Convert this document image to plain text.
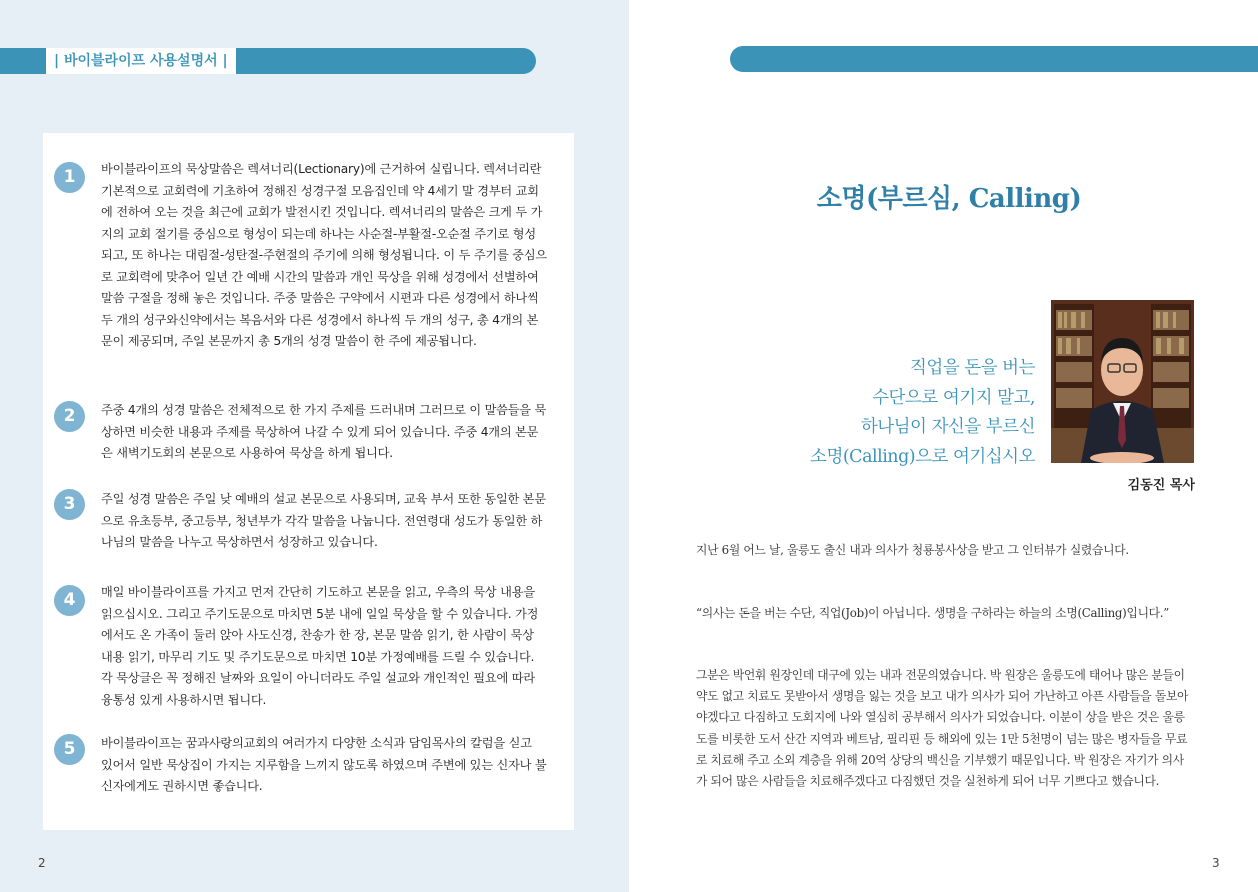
| 바이블라이프 사용설명서 |
1	바이블라이프의 묵상말씀은 렉셔너리(Lectionary)에 근거하여 실립니다. 렉셔너리란 기본적으로 교회력에 기초하여 정해진 성경구절 모음집인데 약 4세기 말 경부터 교회에 전하여 오는 것을 최근에 교회가 발전시킨 것입니다. 렉셔너리의 말씀은 크게 두 가지의 교회 절기를 중심으로 형성이 되는데 하나는 사순절-부활절-오순절 주기로 형성되고, 또 하나는 대림절-성탄절-주현절의 주기에 의해 형성됩니다. 이 두 주기를 중심으로 교회력에 맞추어 일년 간 예배 시간의 말씀과 개인 묵상을 위해 성경에서 선별하여 말씀 구절을 정해 놓은 것입니다. 주중 말씀은 구약에서 시편과 다른 성경에서 하나씩 두 개의 성구와신약에서는 복음서와 다른 성경에서 하나씩 두 개의 성구, 총 4개의 본문이 제공되며, 주일 본문까지 총 5개의 성경 말씀이 한 주에 제공됩니다.
2	주중 4개의 성경 말씀은 전체적으로 한 가지 주제를 드러내며 그러므로 이 말씀들을 묵상하면 비슷한 내용과 주제를 묵상하여 나갈 수 있게 되어 있습니다. 주중 4개의 본문은 새벽기도회의 본문으로 사용하여 묵상을 하게 됩니다.
3	주일 성경 말씀은 주일 낮 예배의 설교 본문으로 사용되며, 교육 부서 또한 동일한 본문으로 유초등부, 중고등부, 청년부가 각각 말씀을 나눕니다. 전연령대 성도가 동일한 하나님의 말씀을 나누고 묵상하면서 성장하고 있습니다.
4	매일 바이블라이프를 가지고 먼저 간단히 기도하고 본문을 읽고, 우측의 묵상 내용을 읽으십시오. 그리고 주기도문으로 마치면 5분 내에 일일 묵상을 할 수 있습니다. 가정에서도 온 가족이 둘러 앉아 사도신경, 찬송가 한 장, 본문 말씀 읽기, 한 사람이 묵상 내용 읽기, 마무리 기도 및 주기도문으로 마치면 10분 가정예배를 드릴 수 있습니다. 각 묵상글은 꼭 정해진 날짜와 요일이 아니더라도 주일 설교와 개인적인 필요에 따라 융통성 있게 사용하시면 됩니다.
5	바이블라이프는 꿈과사랑의교회의 여러가지 다양한 소식과 담임목사의 칼럼을 싣고 있어서 일반 묵상집이 가지는 지루함을 느끼지 않도록 하였으며 주변에 있는 신자나 불신자에게도 권하시면 좋습니다.
2
소명(부르심, Calling)
직업을 돈을 버는
수단으로 여기지 말고,
하나님이 자신을 부르신
소명(Calling)으로 여기십시오
김동진 목사
지난 6월 어느 날, 울릉도 출신 내과 의사가 청룡봉사상을 받고 그 인터뷰가 실렸습니다.
“의사는 돈을 버는 수단, 직업(Job)이 아닙니다. 생명을 구하라는 하늘의 소명(Calling)입니다.”
그분은 박언휘 원장인데 대구에 있는 내과 전문의였습니다. 박 원장은 울릉도에 태어나 많은 분들이 약도 없고 치료도 못받아서 생명을 잃는 것을 보고 내가 의사가 되어 가난하고 아픈 사람들을 돌보아야겠다고 다짐하고 도회지에 나와 열심히 공부해서 의사가 되었습니다. 이분이 상을 받은 것은 울릉도를 비롯한 도서 산간 지역과 베트남, 필리핀 등 해외에 있는 1만 5천명이 넘는 많은 병자들을 무료로 치료해 주고 소외 계층을 위해 20억 상당의 백신을 기부했기 때문입니다. 박 원장은 자기가 의사가 되어 많은 사람들을 치료해주겠다고 다짐했던 것을 실천하게 되어 너무 기쁘다고 했습니다.
3
